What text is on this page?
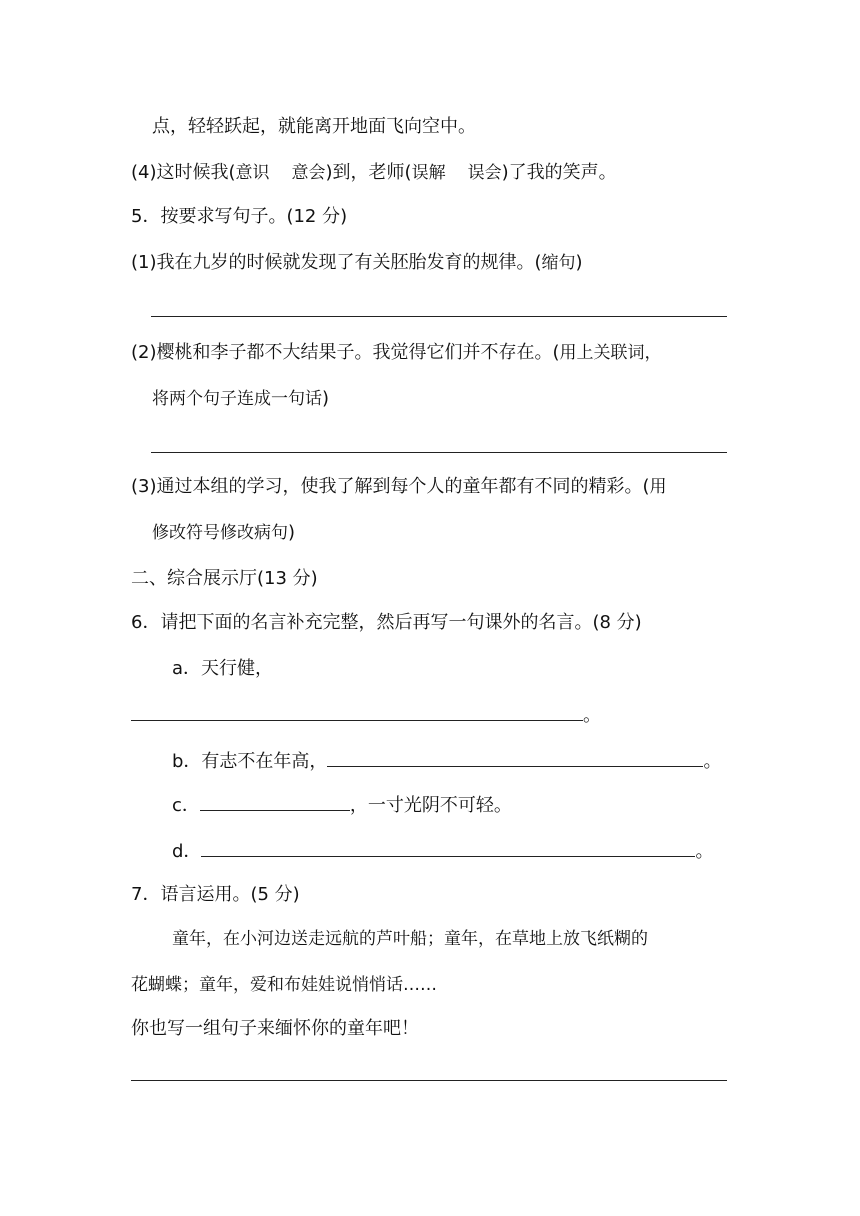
点，轻轻跃起，就能离开地面飞向空中。
(4)这时候我(意识 意会)到，老师(误解 误会)了我的笑声。
5．按要求写句子。(12 分)
(1)我在九岁的时候就发现了有关胚胎发育的规律。(缩句)
(2)樱桃和李子都不大结果子。我觉得它们并不存在。(用上关联词，
将两个句子连成一句话)
(3)通过本组的学习，使我了解到每个人的童年都有不同的精彩。(用
修改符号修改病句)
二、综合展示厅(13 分)
6．请把下面的名言补充完整，然后再写一句课外的名言。(8 分)
a．天行健，
。
b．有志不在年高，	。
c．	，一寸光阴不可轻。
d．	。
7．语言运用。(5 分)
童年，在小河边送走远航的芦叶船；童年，在草地上放飞纸糊的
花蝴蝶；童年，爱和布娃娃说悄悄话……
你也写一组句子来缅怀你的童年吧！
